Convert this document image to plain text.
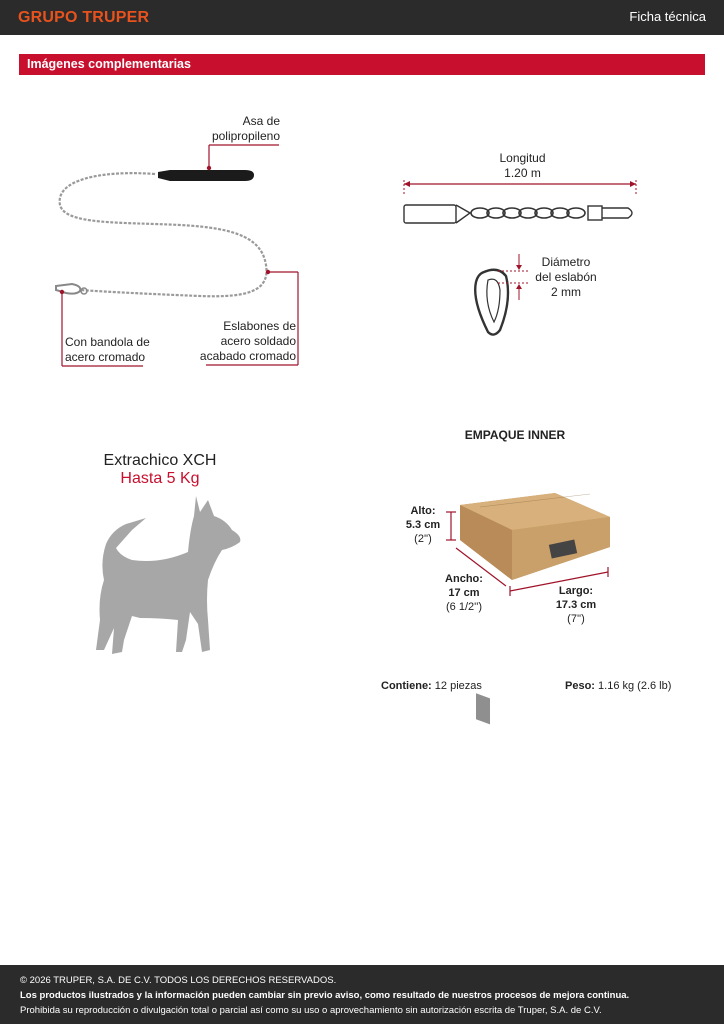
GRUPO TRUPER	Ficha técnica
Imágenes complementarias
Asa de
polipropileno
Con bandola de
acero cromado
Eslabones de
acero soldado
acabado cromado
Longitud
1.20 m
Diámetro
del eslabón
2 mm
Extrachico XCH
Hasta 5 Kg
EMPAQUE INNER
Alto:
5.3 cm
(2'')
Ancho:
17 cm
(6 1/2'')
Largo:
17.3 cm
(7'')
Contiene: 12 piezas	Peso: 1.16 kg (2.6 lb)
© 2026 TRUPER, S.A. DE C.V. TODOS LOS DERECHOS RESERVADOS.
Los productos ilustrados y la información pueden cambiar sin previo aviso, como resultado de nuestros procesos de mejora continua.
Prohibida su reproducción o divulgación total o parcial así como su uso o aprovechamiento sin autorización escrita de Truper, S.A. de C.V.
